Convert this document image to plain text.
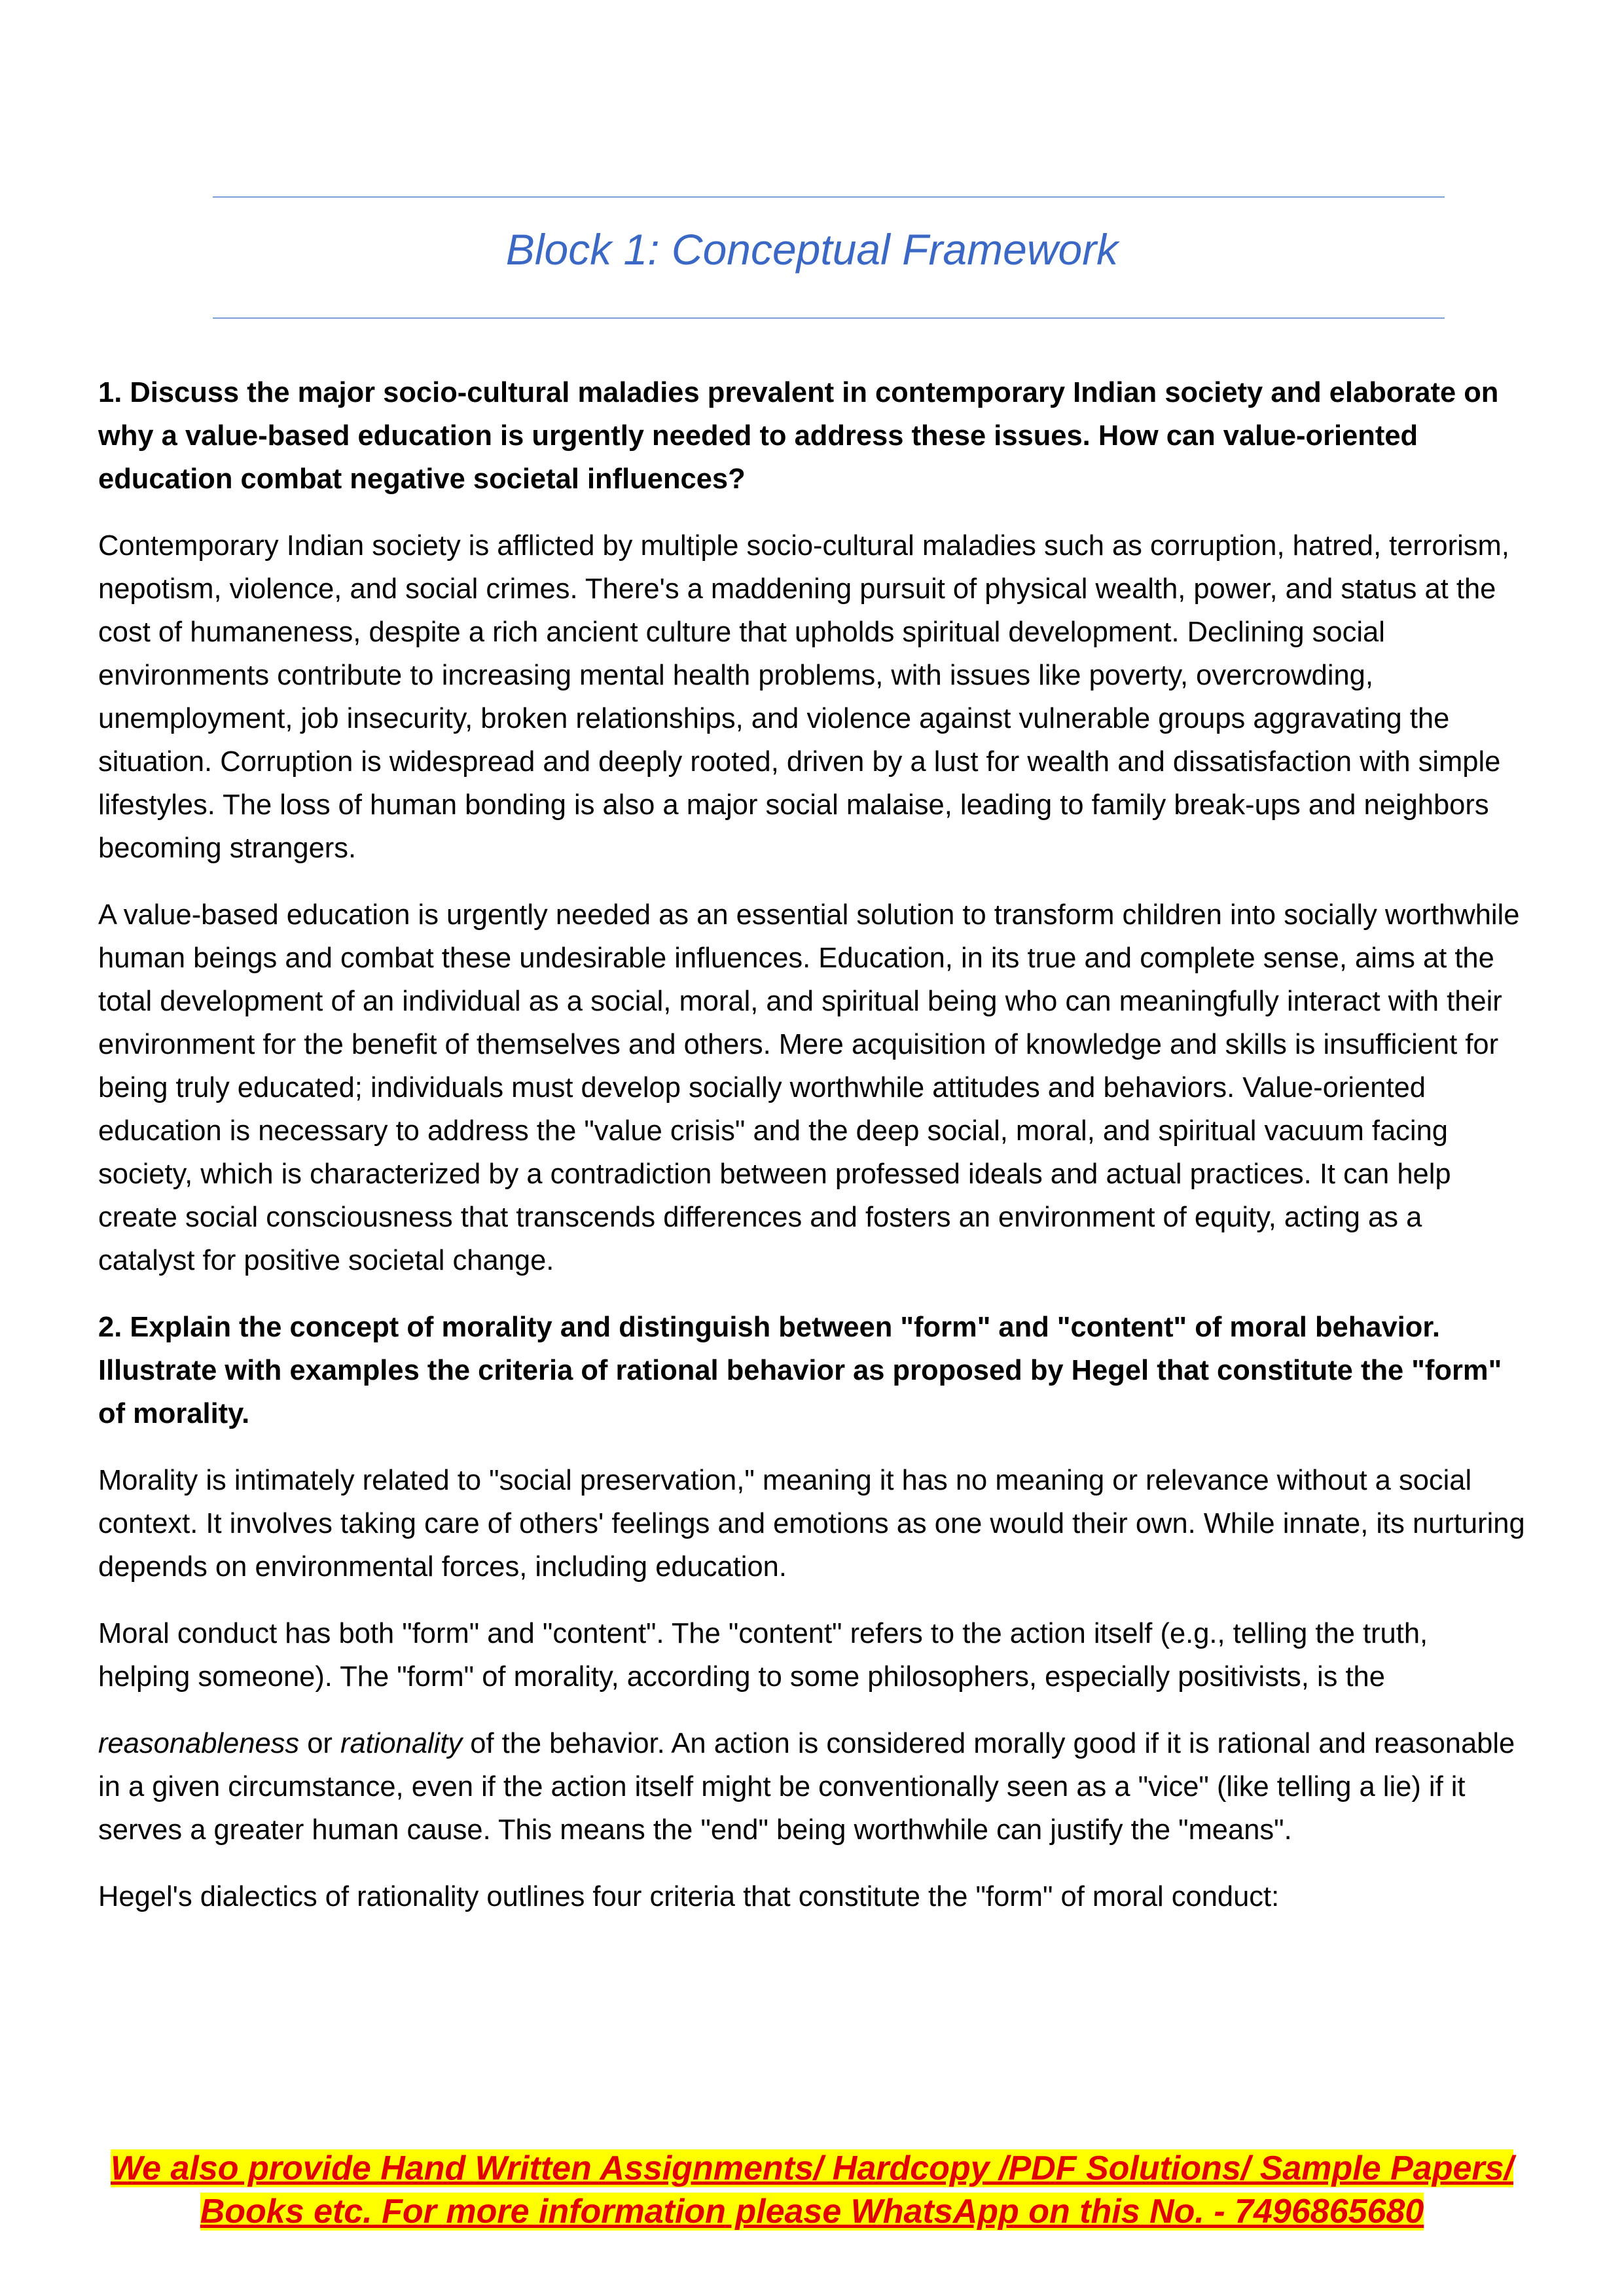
Block 1: Conceptual Framework

1. Discuss the major socio-cultural maladies prevalent in contemporary Indian society and elaborate on why a value-based education is urgently needed to address these issues. How can value-oriented education combat negative societal influences?

Contemporary Indian society is afflicted by multiple socio-cultural maladies such as corruption, hatred, terrorism, nepotism, violence, and social crimes. There's a maddening pursuit of physical wealth, power, and status at the cost of humaneness, despite a rich ancient culture that upholds spiritual development. Declining social environments contribute to increasing mental health problems, with issues like poverty, overcrowding, unemployment, job insecurity, broken relationships, and violence against vulnerable groups aggravating the situation. Corruption is widespread and deeply rooted, driven by a lust for wealth and dissatisfaction with simple lifestyles. The loss of human bonding is also a major social malaise, leading to family break-ups and neighbors becoming strangers.

A value-based education is urgently needed as an essential solution to transform children into socially worthwhile human beings and combat these undesirable influences. Education, in its true and complete sense, aims at the total development of an individual as a social, moral, and spiritual being who can meaningfully interact with their environment for the benefit of themselves and others. Mere acquisition of knowledge and skills is insufficient for being truly educated; individuals must develop socially worthwhile attitudes and behaviors. Value-oriented education is necessary to address the "value crisis" and the deep social, moral, and spiritual vacuum facing society, which is characterized by a contradiction between professed ideals and actual practices. It can help create social consciousness that transcends differences and fosters an environment of equity, acting as a catalyst for positive societal change.

2. Explain the concept of morality and distinguish between "form" and "content" of moral behavior. Illustrate with examples the criteria of rational behavior as proposed by Hegel that constitute the "form" of morality.

Morality is intimately related to "social preservation," meaning it has no meaning or relevance without a social context. It involves taking care of others' feelings and emotions as one would their own. While innate, its nurturing depends on environmental forces, including education.

Moral conduct has both "form" and "content". The "content" refers to the action itself (e.g., telling the truth, helping someone). The "form" of morality, according to some philosophers, especially positivists, is the

reasonableness or rationality of the behavior. An action is considered morally good if it is rational and reasonable in a given circumstance, even if the action itself might be conventionally seen as a "vice" (like telling a lie) if it serves a greater human cause. This means the "end" being worthwhile can justify the "means".

Hegel's dialectics of rationality outlines four criteria that constitute the "form" of moral conduct:

We also provide Hand Written Assignments/ Hardcopy /PDF Solutions/ Sample Papers/
Books etc. For more information please WhatsApp on this No. - 7496865680
